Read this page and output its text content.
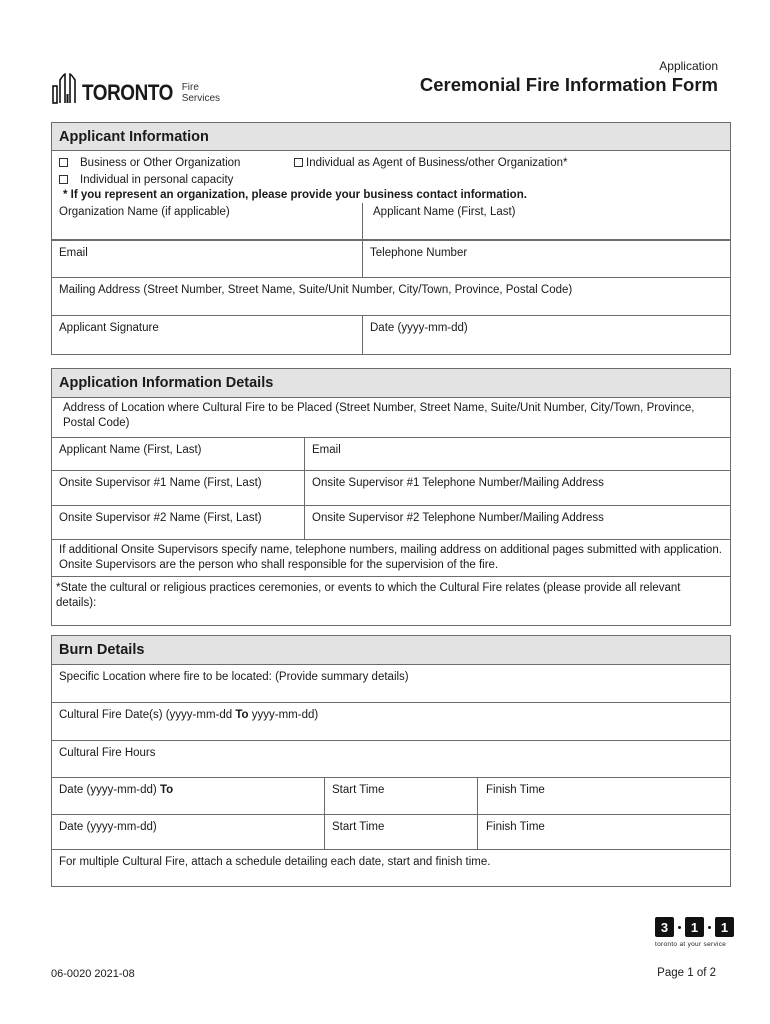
TORONTO Fire
Services
Application
Ceremonial Fire Information Form
Applicant Information
Business or Other Organization	Individual as Agent of Business/other Organization*
Individual in personal capacity
* If you represent an organization, please provide your business contact information.
Organization Name (if applicable)	Applicant Name (First, Last)
Email	Telephone Number
Mailing Address (Street Number, Street Name, Suite/Unit Number, City/Town, Province, Postal Code)
Applicant Signature	Date (yyyy-mm-dd)
Application Information Details
Address of Location where Cultural Fire to be Placed (Street Number, Street Name, Suite/Unit Number, City/Town, Province, Postal Code)
Applicant Name (First, Last)	Email
Onsite Supervisor #1 Name (First, Last)	Onsite Supervisor #1 Telephone Number/Mailing Address
Onsite Supervisor #2 Name (First, Last)	Onsite Supervisor #2 Telephone Number/Mailing Address
If additional Onsite Supervisors specify name, telephone numbers, mailing address on additional pages submitted with application. Onsite Supervisors are the person who shall responsible for the supervision of the fire.
*State the cultural or religious practices ceremonies, or events to which the Cultural Fire relates (please provide all relevant details):
Burn Details
Specific Location where fire to be located: (Provide summary details)
Cultural Fire Date(s) (yyyy-mm-dd To yyyy-mm-dd)
Cultural Fire Hours
Date (yyyy-mm-dd) To	Start Time	Finish Time
Date (yyyy-mm-dd)	Start Time	Finish Time
For multiple Cultural Fire, attach a schedule detailing each date, start and finish time.
3	1	1
toronto at your service
06-0020 2021-08	Page 1 of 2
